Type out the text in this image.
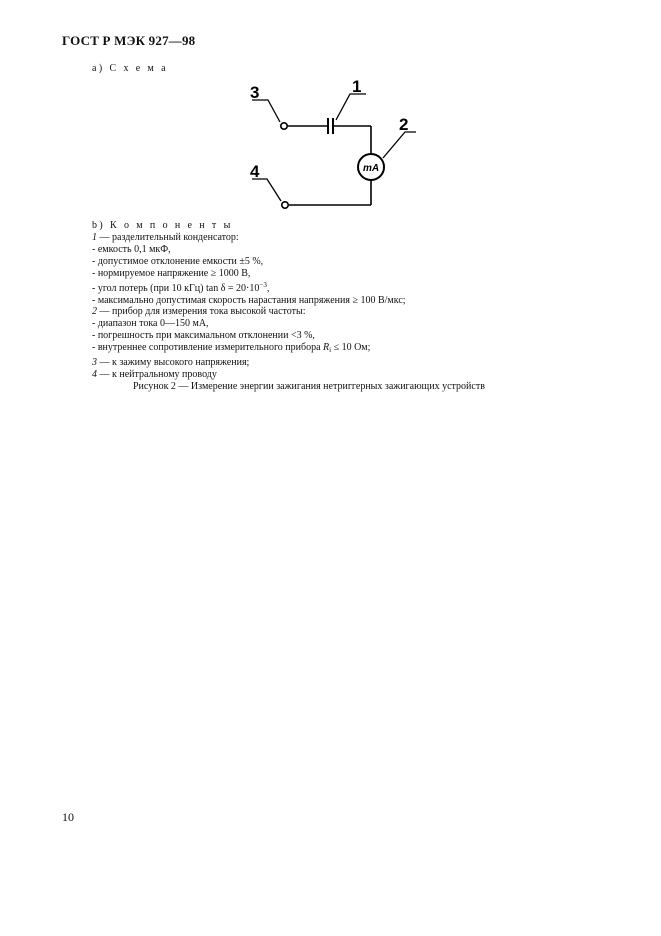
ГОСТ Р МЭК 927—98
а) С х е м а
1
2
3
4	mA
b) К о м п о н е н т ы
1 — разделительный конденсатор:
- емкость 0,1 мкФ,
- допустимое отклонение емкости ±5 %,
- нормируемое напряжение ≥ 1000 В,
- угол потерь (при 10 кГц) $\tan \delta = 20\cdot 10^{-3}$,
- максимально допустимая скорость нарастания напряжения ≥ 100 В/мкс;
2 — прибор для измерения тока высокой частоты:
- диапазон тока 0—150 мА,
- погрешность при максимальном отклонении <3 %,
- внутреннее сопротивление измерительного прибора $R_i \le 10$ Ом;
3 — к зажиму высокого напряжения;
4 — к нейтральному проводу
Рисунок 2 — Измерение энергии зажигания нетриггерных зажигающих устройств
10
